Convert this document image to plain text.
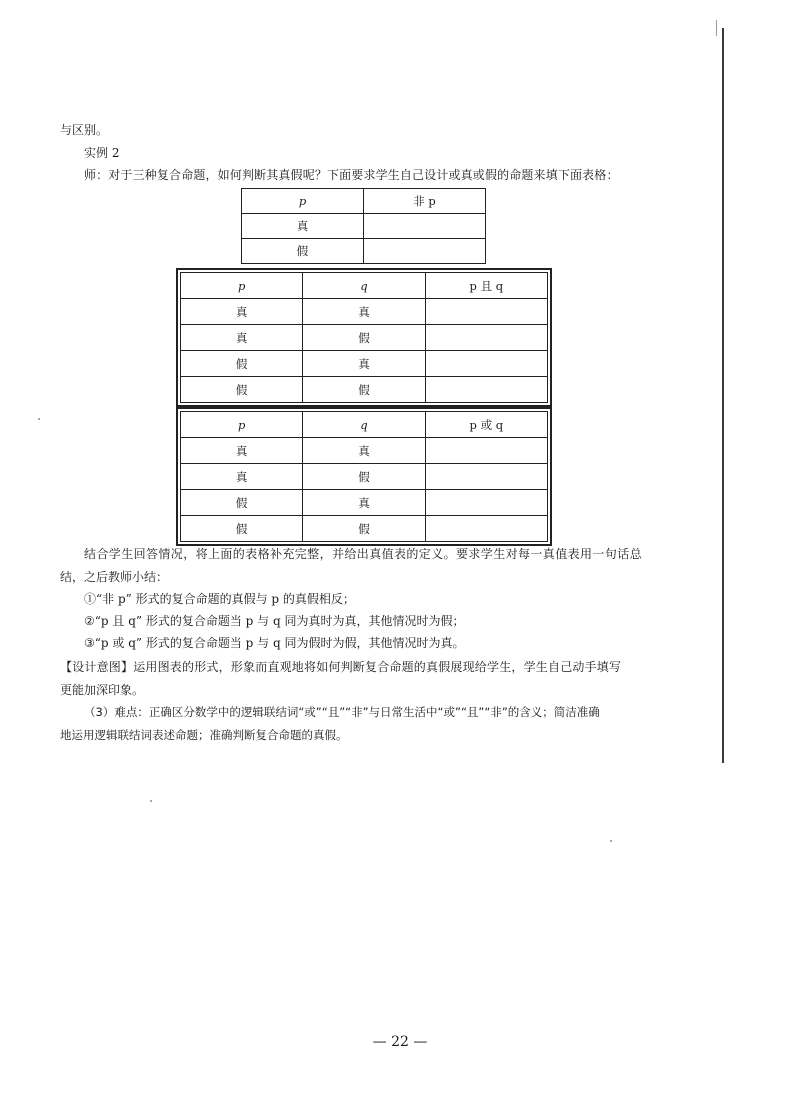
与区别。
实例 2
师：对于三种复合命题，如何判断其真假呢？下面要求学生自己设计或真或假的命题来填下面表格：
p	非 p
真	
假	
p	q	p 且 q
真	真	
真	假	
假	真	
假	假	
p	q	p 或 q
真	真	
真	假	
假	真	
假	假	
结合学生回答情况，将上面的表格补充完整，并给出真值表的定义。要求学生对每一真值表用一句话总
结，之后教师小结：
①“非 p” 形式的复合命题的真假与 p 的真假相反；
②“p 且 q” 形式的复合命题当 p 与 q 同为真时为真，其他情况时为假；
③“p 或 q” 形式的复合命题当 p 与 q 同为假时为假，其他情况时为真。
【设计意图】运用图表的形式，形象而直观地将如何判断复合命题的真假展现给学生，学生自己动手填写
更能加深印象。
（3）难点：正确区分数学中的逻辑联结词“或”“且”“非”与日常生活中“或”“且”“非”的含义；简洁准确
地运用逻辑联结词表述命题；准确判断复合命题的真假。
— 22 —
